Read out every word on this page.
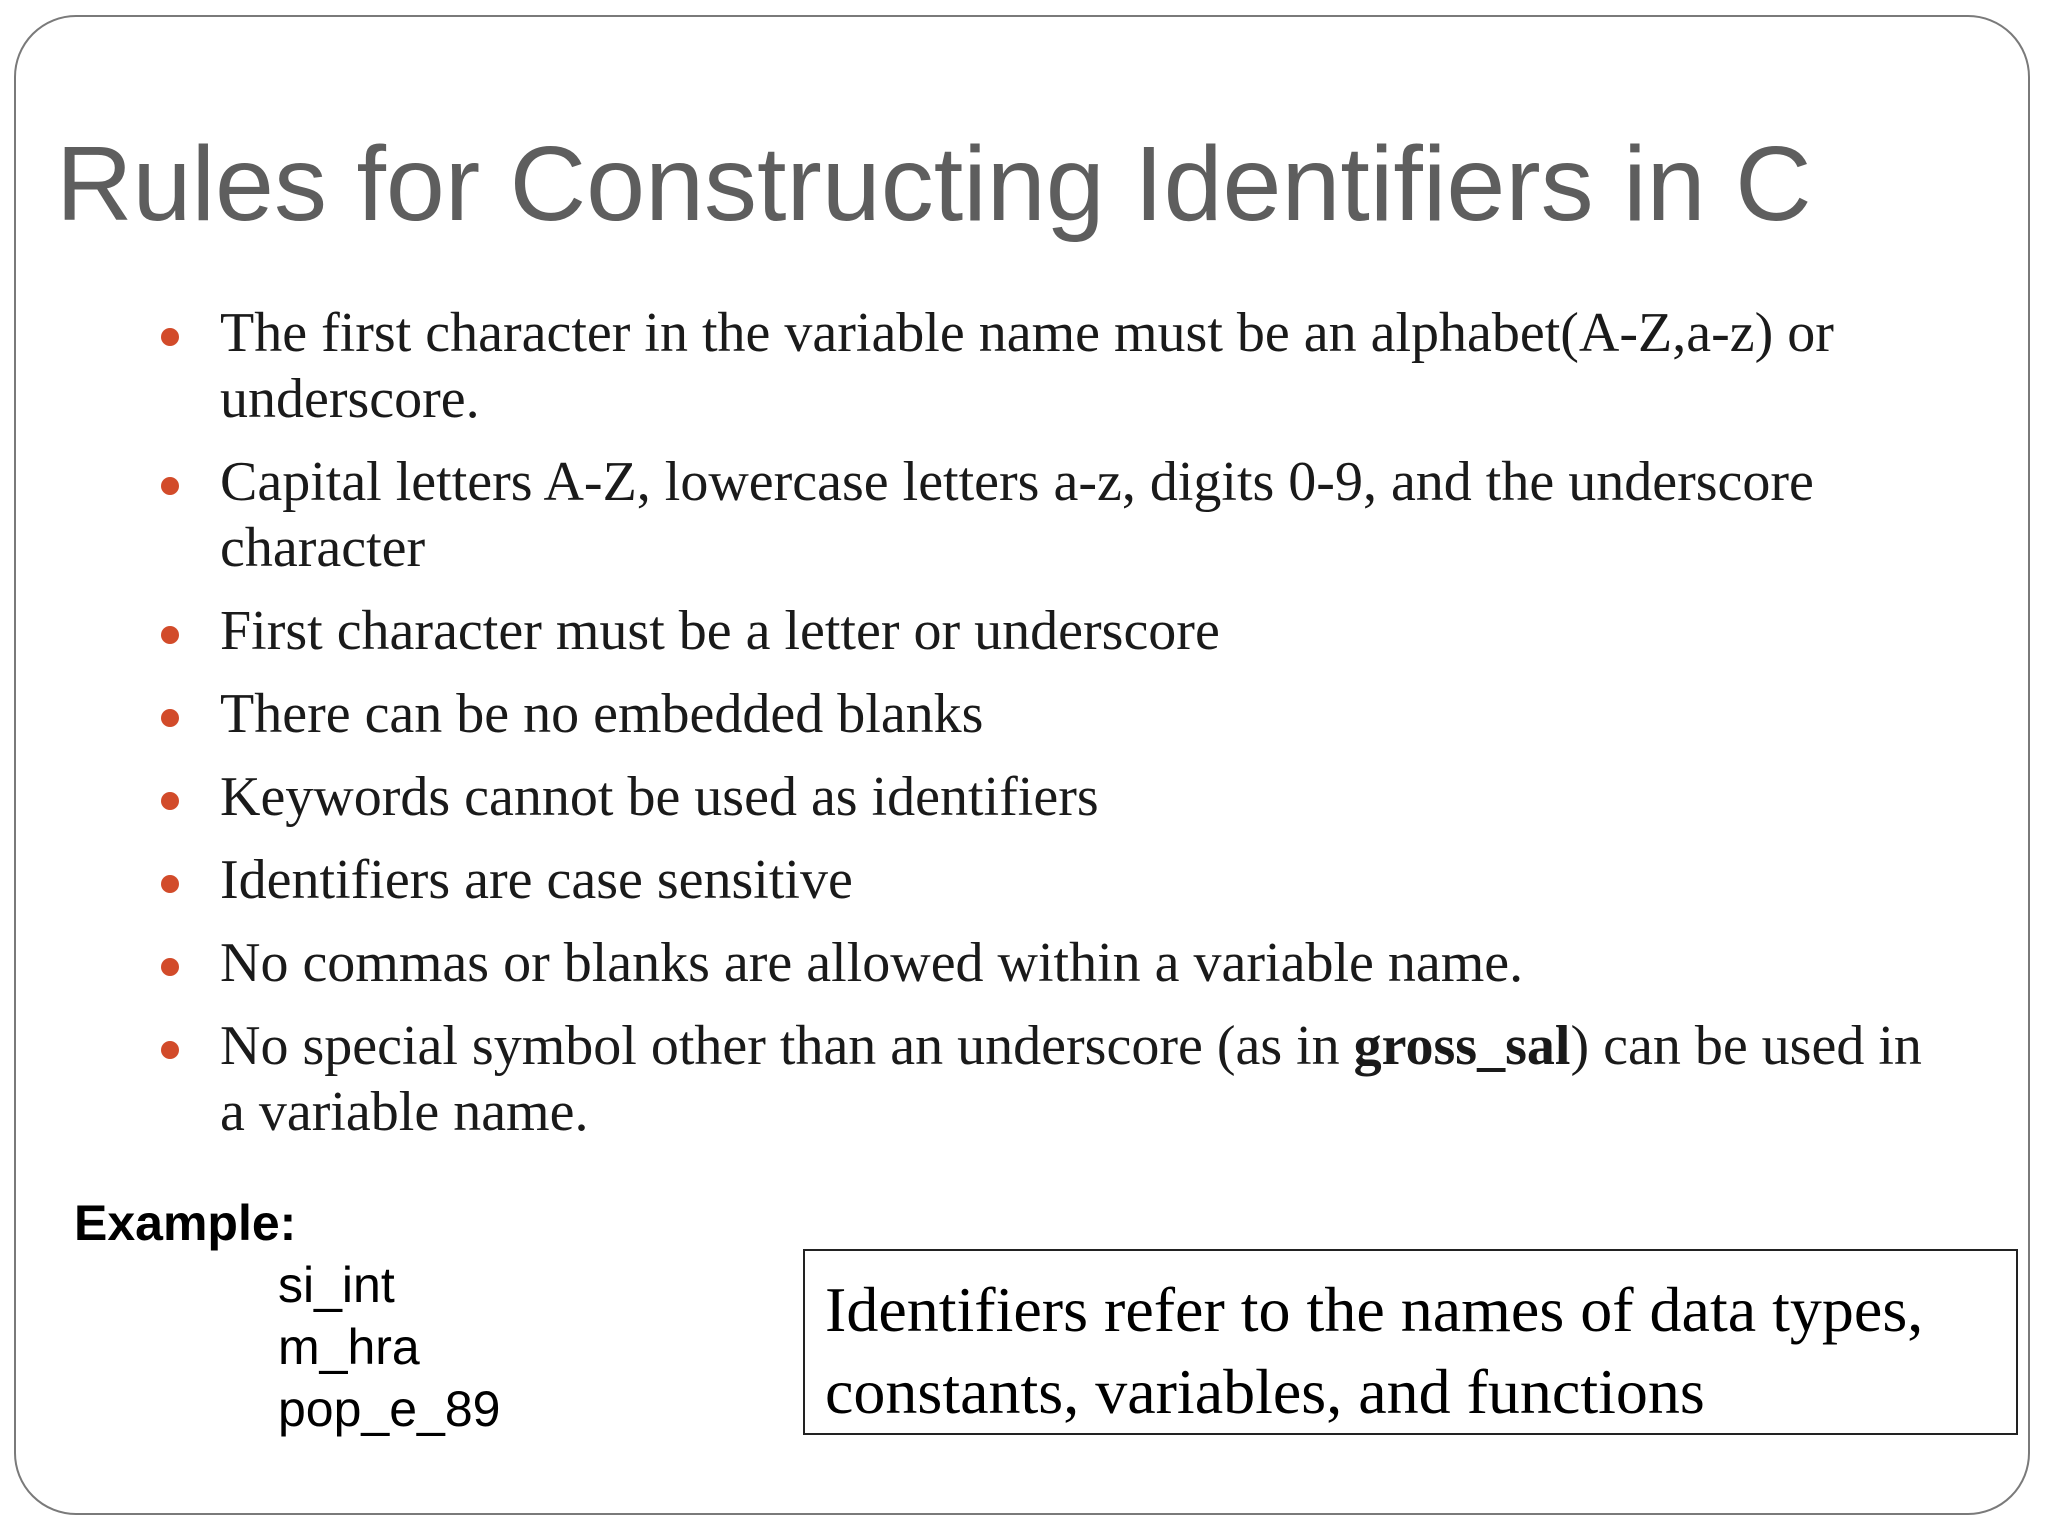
Rules for Constructing Identifiers in C
The first character in the variable name must be an alphabet(A-Z,a-z) or underscore.
Capital letters A-Z, lowercase letters a-z, digits 0-9, and the underscore character
First character must be a letter or underscore
There can be no embedded blanks
Keywords cannot be used as identifiers
Identifiers are case sensitive
No commas or blanks are allowed within a variable name.
No special symbol other than an underscore (as in gross_sal) can be used in a variable name.
Example:
si_int
m_hra
pop_e_89
Identifiers refer to the names of data types, constants, variables, and functions
